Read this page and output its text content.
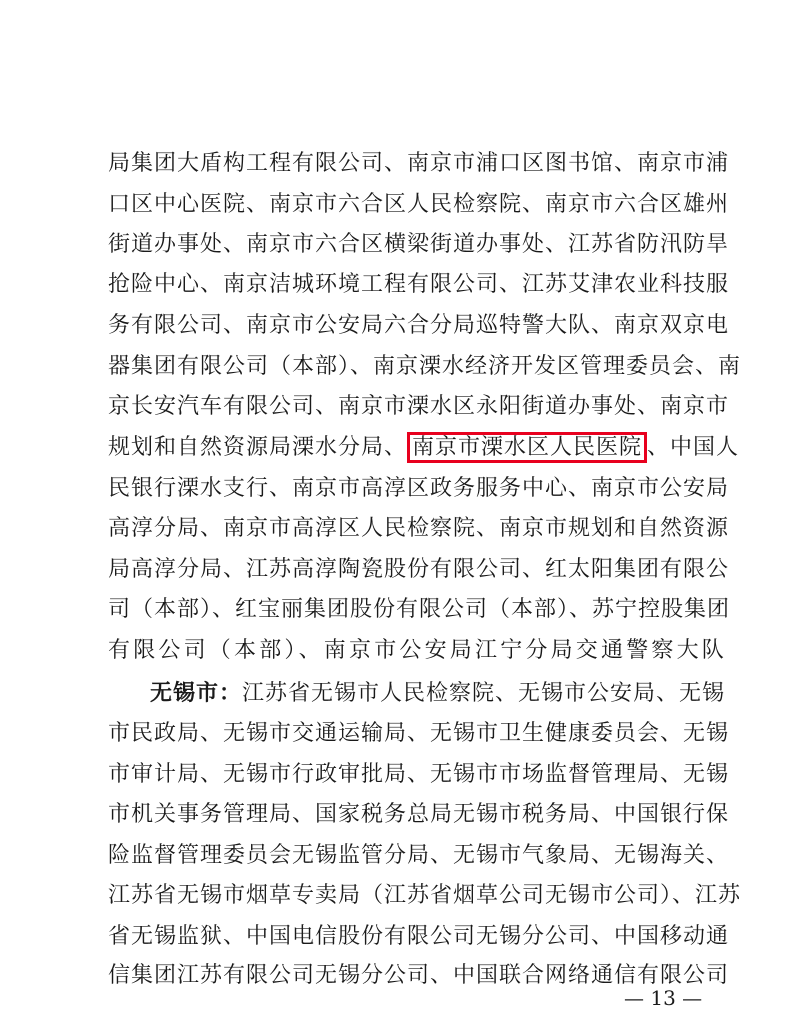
局集团大盾构工程有限公司、南京市浦口区图书馆、南京市浦
口区中心医院、南京市六合区人民检察院、南京市六合区雄州
街道办事处、南京市六合区横梁街道办事处、江苏省防汛防旱
抢险中心、南京洁城环境工程有限公司、江苏艾津农业科技服
务有限公司、南京市公安局六合分局巡特警大队、南京双京电
器集团有限公司（本部）、南京溧水经济开发区管理委员会、南
京长安汽车有限公司、南京市溧水区永阳街道办事处、南京市
规划和自然资源局溧水分局、 南京市溧水区人民医院 、中国人
民银行溧水支行、南京市高淳区政务服务中心、南京市公安局
高淳分局、南京市高淳区人民检察院、南京市规划和自然资源
局高淳分局、江苏高淳陶瓷股份有限公司、红太阳集团有限公
司（本部）、红宝丽集团股份有限公司（本部）、苏宁控股集团
有限公司（本部）、南京市公安局江宁分局交通警察大队
无锡市：江苏省无锡市人民检察院、无锡市公安局、无锡
市民政局、无锡市交通运输局、无锡市卫生健康委员会、无锡
市审计局、无锡市行政审批局、无锡市市场监督管理局、无锡
市机关事务管理局、国家税务总局无锡市税务局、中国银行保
险监督管理委员会无锡监管分局、无锡市气象局、无锡海关、
江苏省无锡市烟草专卖局（江苏省烟草公司无锡市公司）、江苏
省无锡监狱、中国电信股份有限公司无锡分公司、中国移动通
信集团江苏有限公司无锡分公司、中国联合网络通信有限公司
— 13 —
